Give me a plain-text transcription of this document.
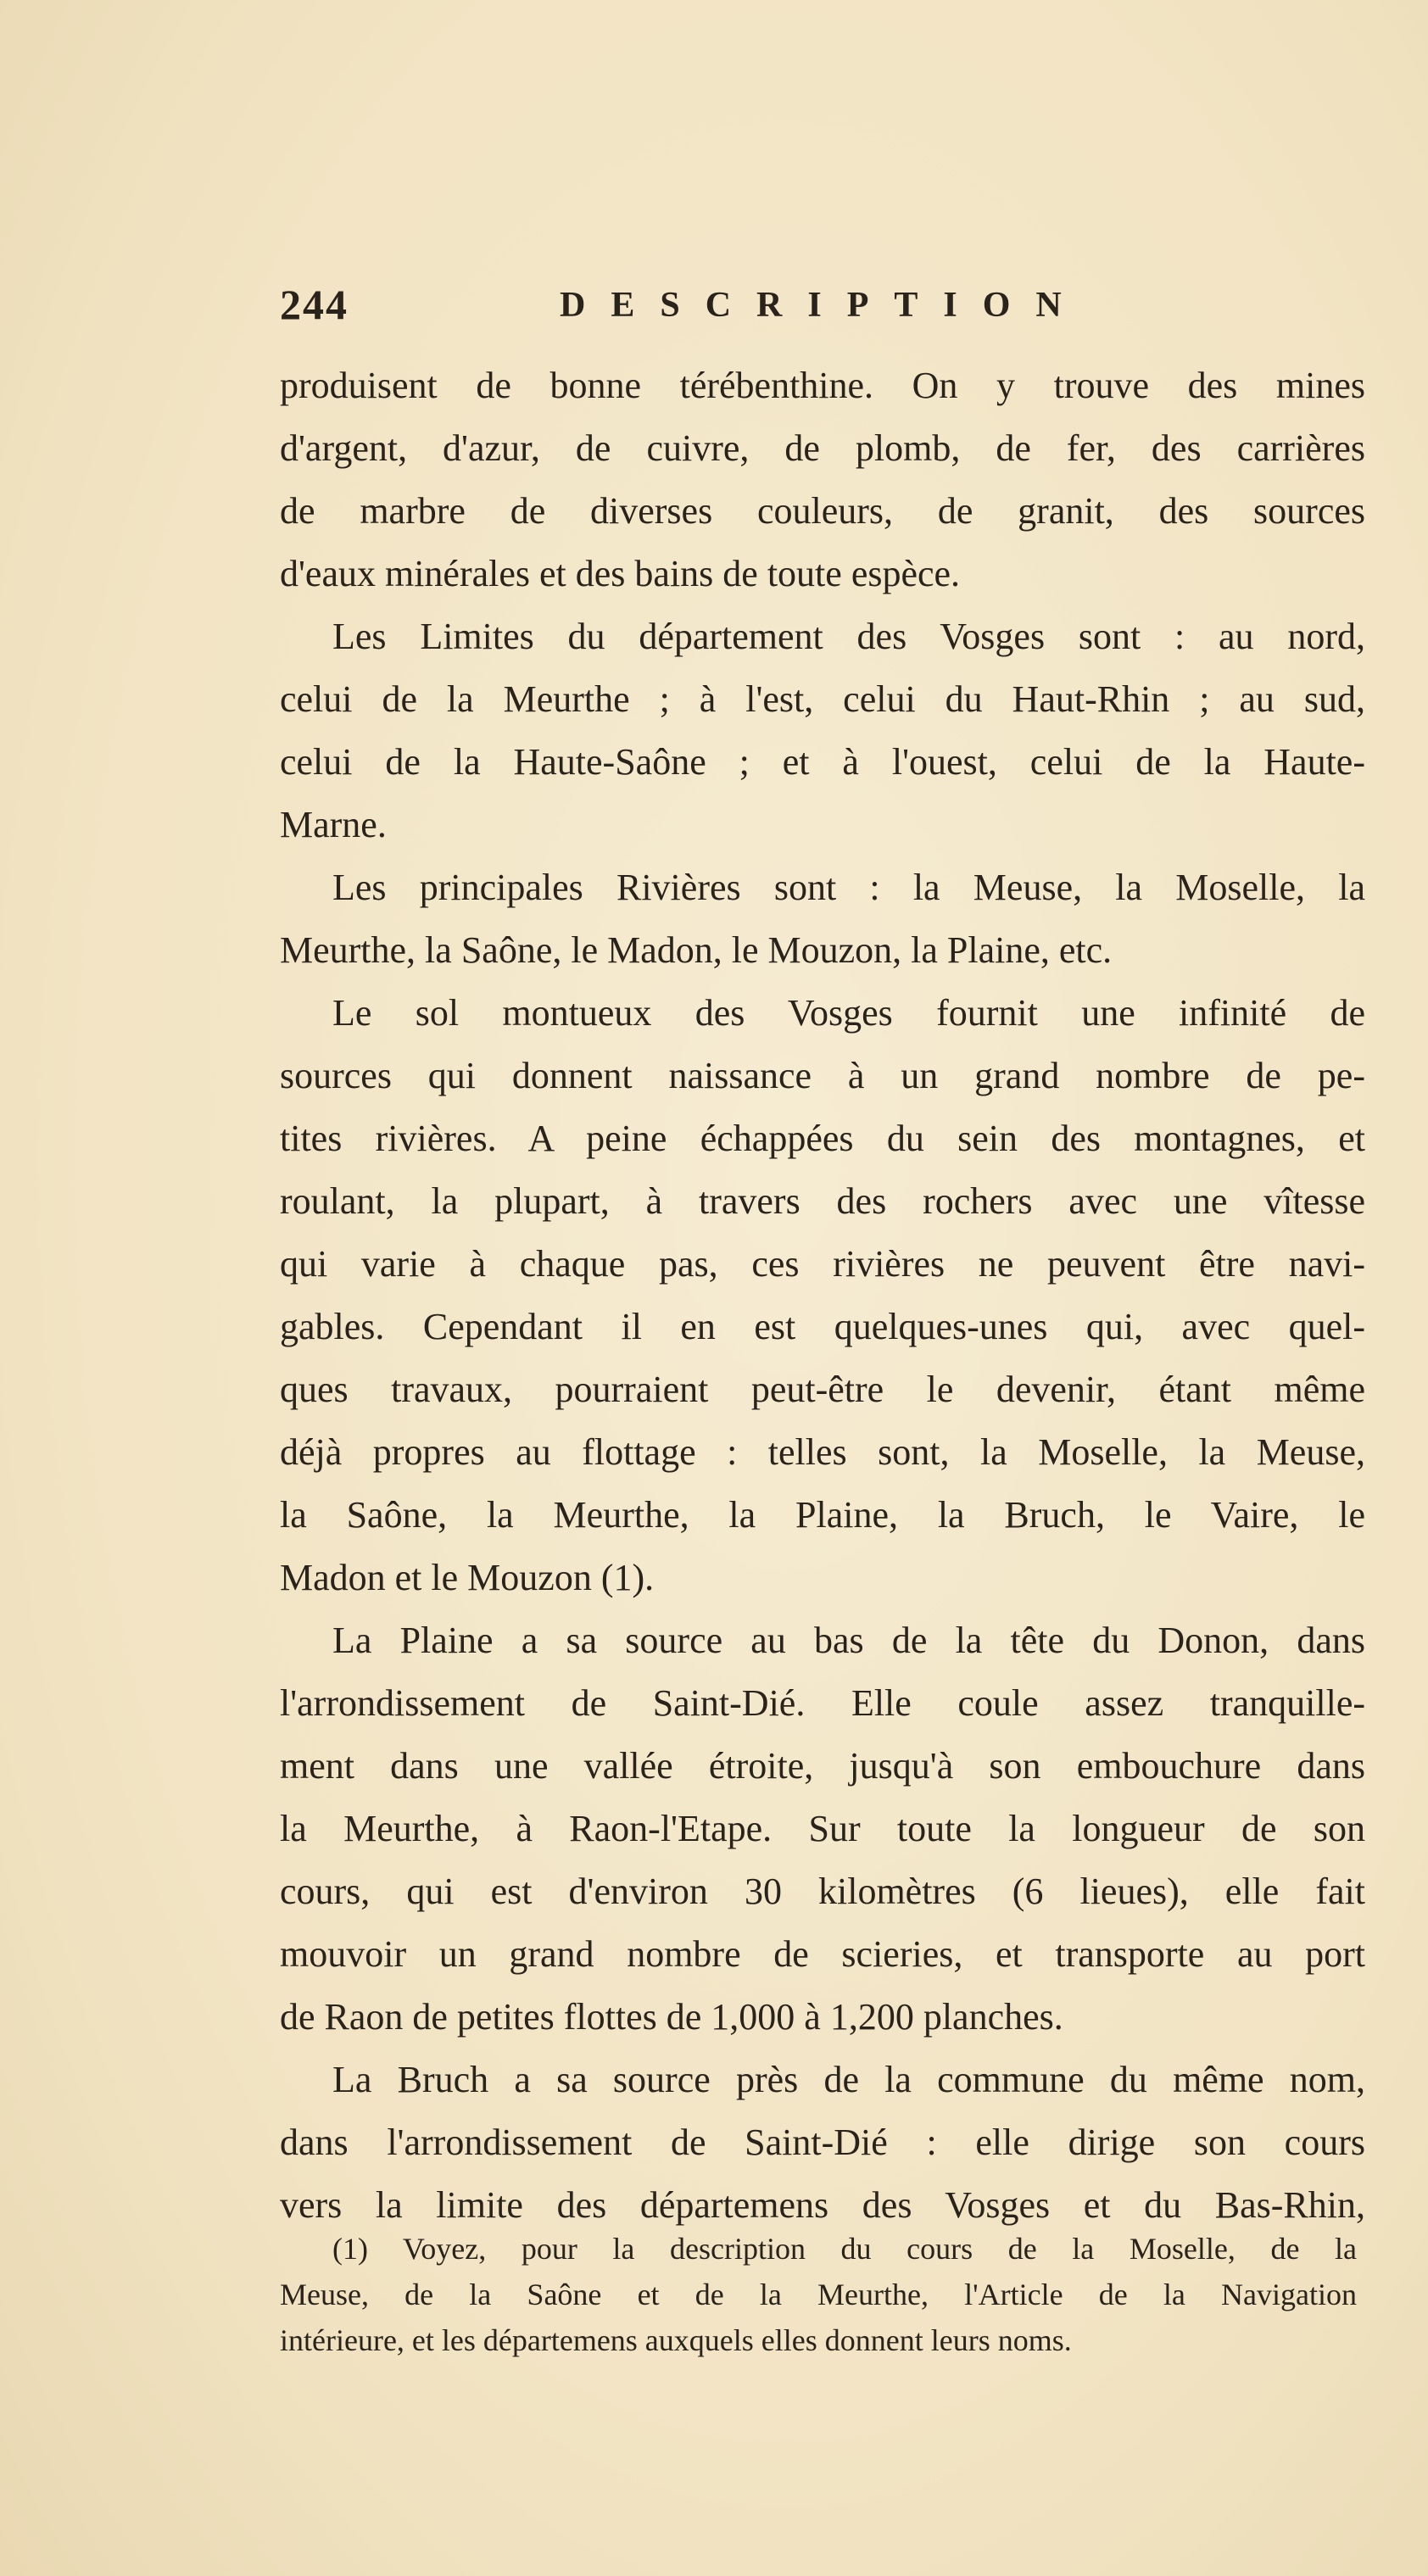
244	DESCRIPTION
produisent de bonne térébenthine. On y trouve des mines
d'argent, d'azur, de cuivre, de plomb, de fer, des carrières
de marbre de diverses couleurs, de granit, des sources
d'eaux minérales et des bains de toute espèce.
Les Limites du département des Vosges sont : au nord,
celui de la Meurthe ; à l'est, celui du Haut-Rhin ; au sud,
celui de la Haute-Saône ; et à l'ouest, celui de la Haute-
Marne.
Les principales Rivières sont : la Meuse, la Moselle, la
Meurthe, la Saône, le Madon, le Mouzon, la Plaine, etc.
Le sol montueux des Vosges fournit une infinité de
sources qui donnent naissance à un grand nombre de pe-
tites rivières. A peine échappées du sein des montagnes, et
roulant, la plupart, à travers des rochers avec une vîtesse
qui varie à chaque pas, ces rivières ne peuvent être navi-
gables. Cependant il en est quelques-unes qui, avec quel-
ques travaux, pourraient peut-être le devenir, étant même
déjà propres au flottage : telles sont, la Moselle, la Meuse,
la Saône, la Meurthe, la Plaine, la Bruch, le Vaire, le
Madon et le Mouzon (1).
La Plaine a sa source au bas de la tête du Donon, dans
l'arrondissement de Saint-Dié. Elle coule assez tranquille-
ment dans une vallée étroite, jusqu'à son embouchure dans
la Meurthe, à Raon-l'Etape. Sur toute la longueur de son
cours, qui est d'environ 30 kilomètres (6 lieues), elle fait
mouvoir un grand nombre de scieries, et transporte au port
de Raon de petites flottes de 1,000 à 1,200 planches.
La Bruch a sa source près de la commune du même nom,
dans l'arrondissement de Saint-Dié : elle dirige son cours
vers la limite des départemens des Vosges et du Bas-Rhin,
(1) Voyez, pour la description du cours de la Moselle, de la
Meuse, de la Saône et de la Meurthe, l'Article de la Navigation
intérieure, et les départemens auxquels elles donnent leurs noms.
